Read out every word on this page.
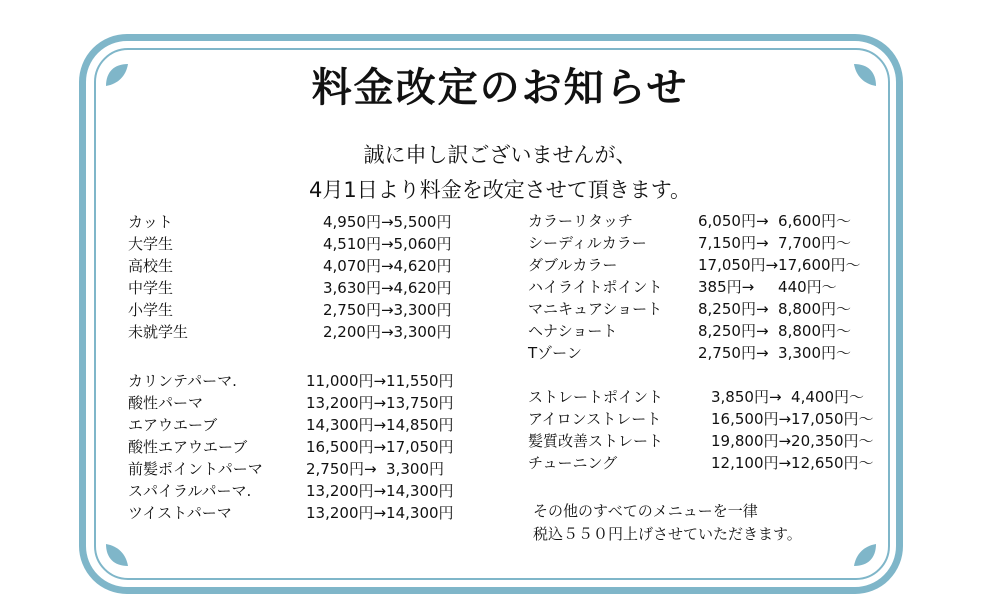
料金改定のお知らせ
誠に申し訳ございませんが、
4月1日より料金を改定させて頂きます。
カット	4,950円→5,500円
大学生	4,510円→5,060円
高校生	4,070円→4,620円
中学生	3,630円→4,620円
小学生	2,750円→3,300円
未就学生	2,200円→3,300円
カラーリタッチ	6,050円→  6,600円～
シーディルカラー	7,150円→  7,700円～
ダブルカラー	17,050円→17,600円～
ハイライトポイント 385円→     440円～
マニキュアショート 8,250円→  8,800円～
ヘナショート	8,250円→  8,800円～
Tゾーン	2,750円→  3,300円～
カリンテパーマ.	11,000円→11,550円
酸性パーマ	13,200円→13,750円
エアウエーブ	14,300円→14,850円
酸性エアウエーブ	16,500円→17,050円
前髪ポイントパーマ	2,750円→  3,300円
スパイラルパーマ.	13,200円→14,300円
ツイストパーマ	13,200円→14,300円
ストレートポイント	3,850円→  4,400円～
アイロンストレート	16,500円→17,050円～
髪質改善ストレート	19,800円→20,350円～
チューニング	12,100円→12,650円～
その他のすべてのメニューを一律
税込５５０円上げさせていただきます。
